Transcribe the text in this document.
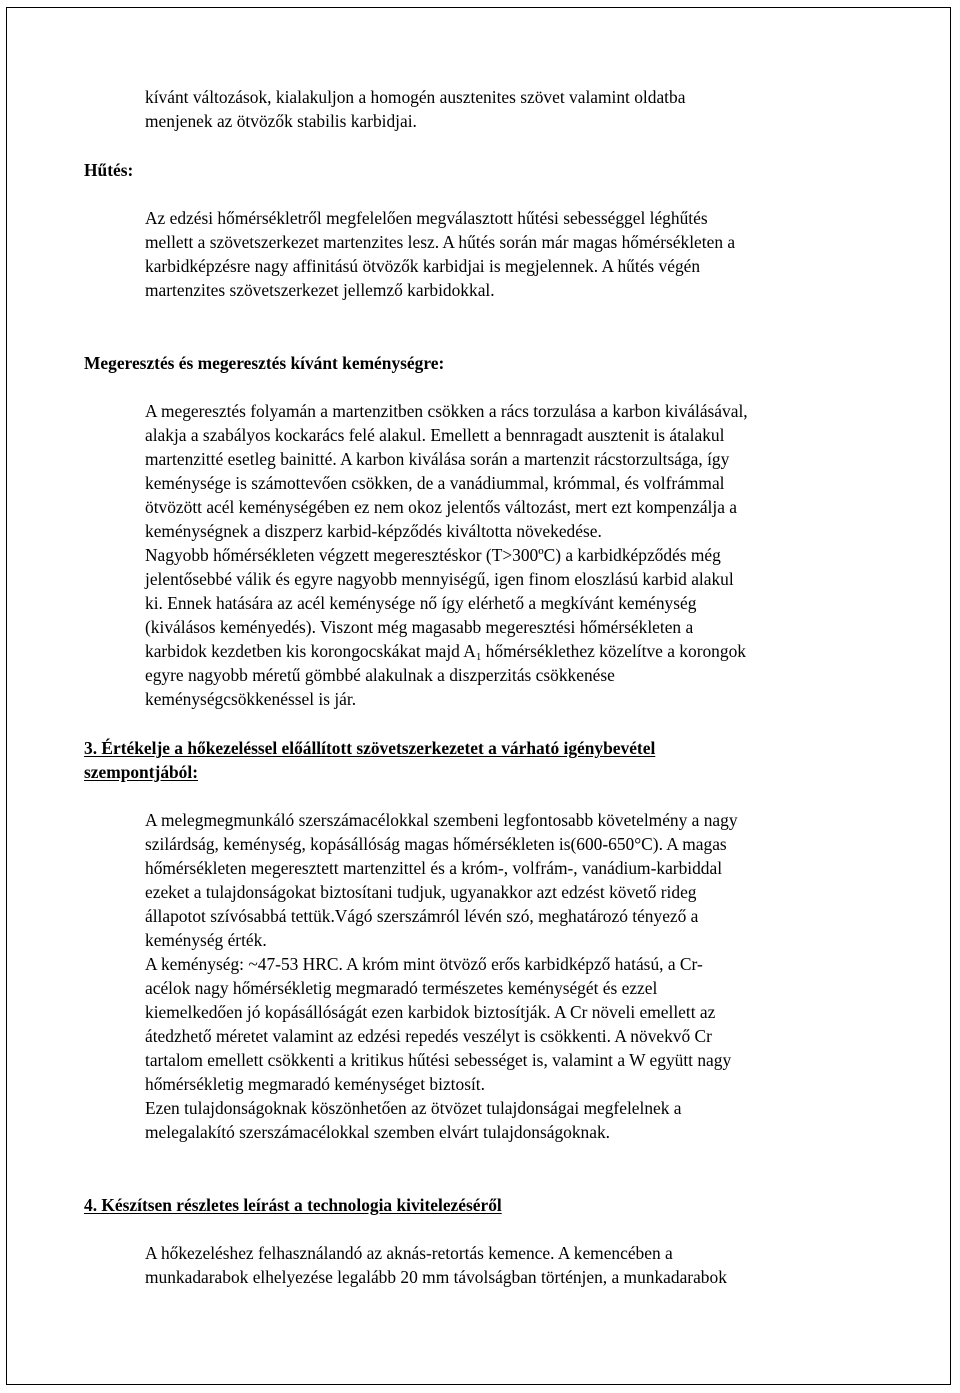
kívánt változások, kialakuljon a homogén ausztenites szövet valamint oldatba
menjenek az ötvözők stabilis karbidjai.
Hűtés:
Az edzési hőmérsékletről megfelelően megválasztott hűtési sebességgel léghűtés
mellett a szövetszerkezet martenzites lesz. A hűtés során már magas hőmérsékleten a
karbidképzésre nagy affinitású ötvözők karbidjai is megjelennek. A hűtés végén
martenzites szövetszerkezet jellemző karbidokkal.
Megeresztés és megeresztés kívánt keménységre:
A megeresztés folyamán a martenzitben csökken a rács torzulása a karbon kiválásával,
alakja a szabályos kockarács felé alakul. Emellett a bennragadt ausztenit is átalakul
martenzitté esetleg bainitté. A karbon kiválása során a martenzit rácstorzultsága, így
keménysége is számottevően csökken, de a vanádiummal, krómmal, és volfrámmal
ötvözött acél keménységében ez nem okoz jelentős változást, mert ezt kompenzálja a
keménységnek a diszperz karbid-képződés kiváltotta növekedése.
Nagyobb hőmérsékleten végzett megeresztéskor (T>300ºC) a karbidképződés még
jelentősebbé válik és egyre nagyobb mennyiségű, igen finom eloszlású karbid alakul
ki. Ennek hatására az acél keménysége nő így elérhető a megkívánt keménység
(kiválásos keményedés). Viszont még magasabb megeresztési hőmérsékleten a
karbidok kezdetben kis korongocskákat majd $A_1$ hőmérséklethez közelítve a korongok
egyre nagyobb méretű gömbbé alakulnak a diszperzitás csökkenése
keménységcsökkenéssel is jár.
3. Értékelje a hőkezeléssel előállított szövetszerkezetet a várható igénybevétel
szempontjából:
A melegmegmunkáló szerszámacélokkal szembeni legfontosabb követelmény a nagy
szilárdság, keménység, kopásállóság magas hőmérsékleten is(600-650°C). A magas
hőmérsékleten megeresztett martenzittel és a króm-, volfrám-, vanádium-karbiddal
ezeket a tulajdonságokat biztosítani tudjuk, ugyanakkor azt edzést követő rideg
állapotot szívósabbá tettük.Vágó szerszámról lévén szó, meghatározó tényező a
keménység érték.
A keménység: ~47-53 HRC. A króm mint ötvöző erős karbidképző hatású, a Cr-
acélok nagy hőmérsékletig megmaradó természetes keménységét és ezzel
kiemelkedően jó kopásállóságát ezen karbidok biztosítják. A Cr növeli emellett az
átedzhető méretet valamint az edzési repedés veszélyt is csökkenti. A növekvő Cr
tartalom emellett csökkenti a kritikus hűtési sebességet is, valamint a W együtt nagy
hőmérsékletig megmaradó keménységet biztosít.
Ezen tulajdonságoknak köszönhetően az ötvözet tulajdonságai megfelelnek a
melegalakító szerszámacélokkal szemben elvárt tulajdonságoknak.
4. Készítsen részletes leírást a technologia kivitelezéséről
A hőkezeléshez felhasználandó az aknás-retortás kemence. A kemencében a
munkadarabok elhelyezése legalább 20 mm távolságban történjen, a munkadarabok
